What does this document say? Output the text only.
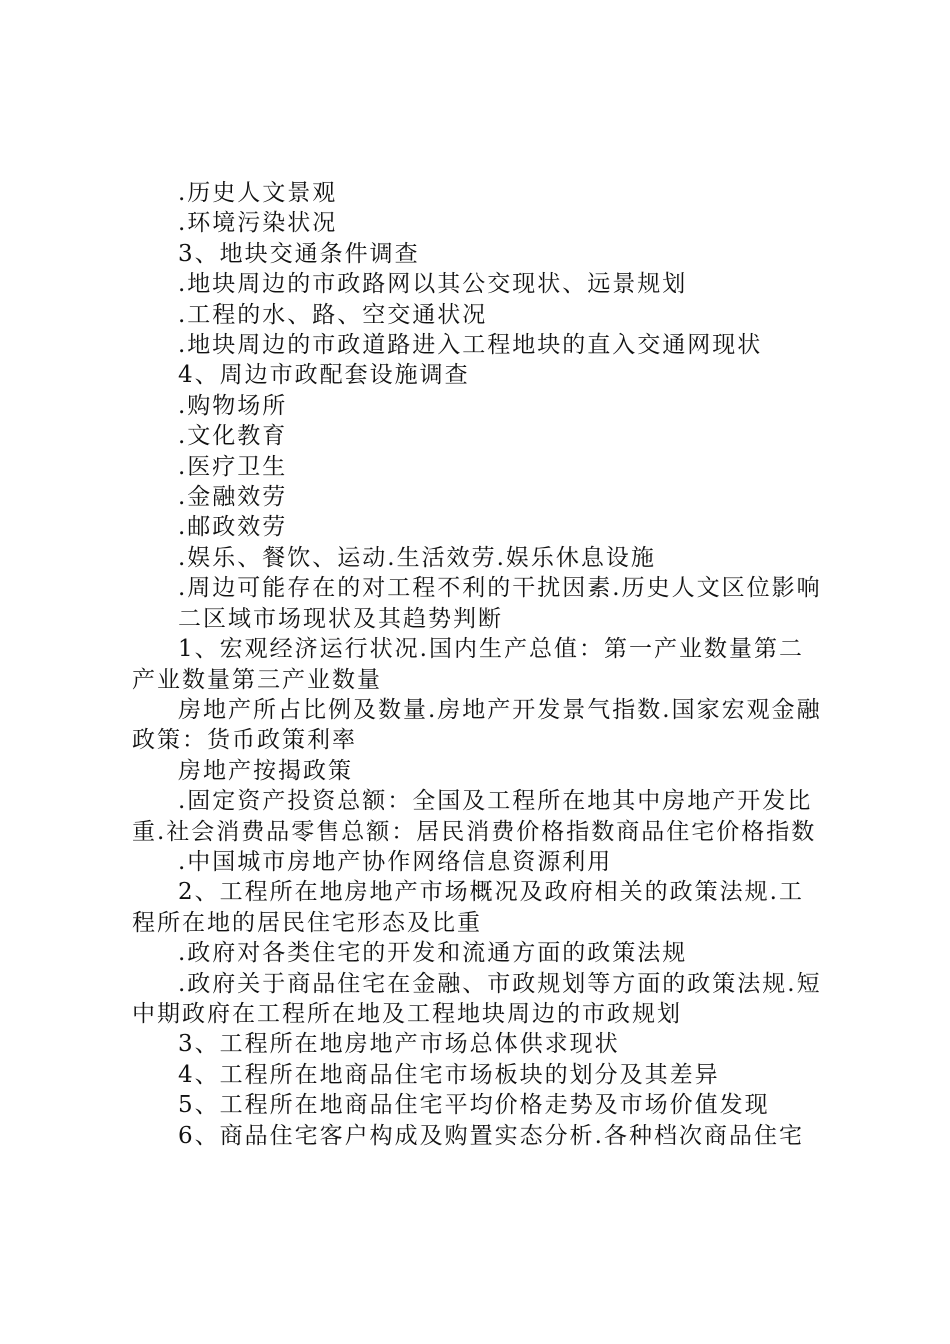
.历史人文景观

.环境污染状况

3、地块交通条件调查

.地块周边的市政路网以其公交现状、远景规划

.工程的水、路、空交通状况

.地块周边的市政道路进入工程地块的直入交通网现状

4、周边市政配套设施调查

.购物场所

.文化教育

.医疗卫生

.金融效劳

.邮政效劳

.娱乐、餐饮、运动.生活效劳.娱乐休息设施

.周边可能存在的对工程不利的干扰因素.历史人文区位影响

二区域市场现状及其趋势判断

1、宏观经济运行状况.国内生产总值：第一产业数量第二产业数量第三产业数量

房地产所占比例及数量.房地产开发景气指数.国家宏观金融政策：货币政策利率

房地产按揭政策

.固定资产投资总额：全国及工程所在地其中房地产开发比重.社会消费品零售总额：居民消费价格指数商品住宅价格指数

.中国城市房地产协作网络信息资源利用

2、工程所在地房地产市场概况及政府相关的政策法规.工程所在地的居民住宅形态及比重

.政府对各类住宅的开发和流通方面的政策法规

.政府关于商品住宅在金融、市政规划等方面的政策法规.短中期政府在工程所在地及工程地块周边的市政规划

3、工程所在地房地产市场总体供求现状

4、工程所在地商品住宅市场板块的划分及其差异

5、工程所在地商品住宅平均价格走势及市场价值发现

6、商品住宅客户构成及购置实态分析.各种档次商品住宅
